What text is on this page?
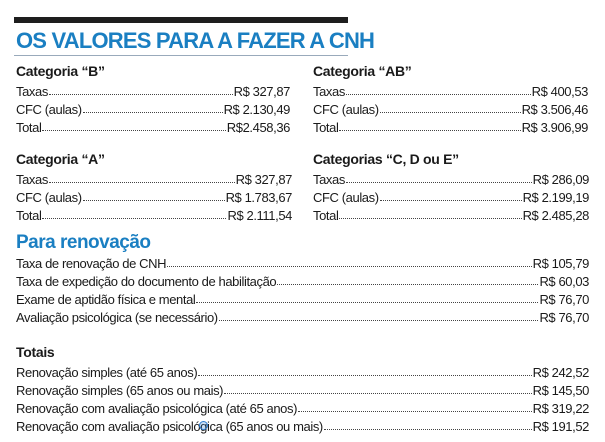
OS VALORES PARA A FAZER A CNH
Categoria “B”
Taxas	R$ 327,87
CFC (aulas)	R$ 2.130,49
Total	R$2.458,36
Categoria “AB”
Taxas	R$ 400,53
CFC (aulas)	R$ 3.506,46
Total	R$ 3.906,99
Categoria “A”
Taxas	R$ 327,87
CFC (aulas)	R$ 1.783,67
Total	R$ 2.111,54
Categorias “C, D ou E”
Taxas	R$ 286,09
CFC (aulas)	R$ 2.199,19
Total	R$ 2.485,28
Para renovação
Taxa de renovação de CNH	R$ 105,79
Taxa de expedição do documento de habilitação	R$ 60,03
Exame de aptidão física e mental	R$ 76,70
Avaliação psicológica (se necessário)	R$ 76,70
Totais
Renovação simples (até 65 anos)	R$ 242,52
Renovação simples (65 anos ou mais)	R$ 145,50
Renovação com avaliação psicológica (até 65 anos)	R$ 319,22
Renovação com avaliação psicológica (65 anos ou mais)	R$ 191,52
